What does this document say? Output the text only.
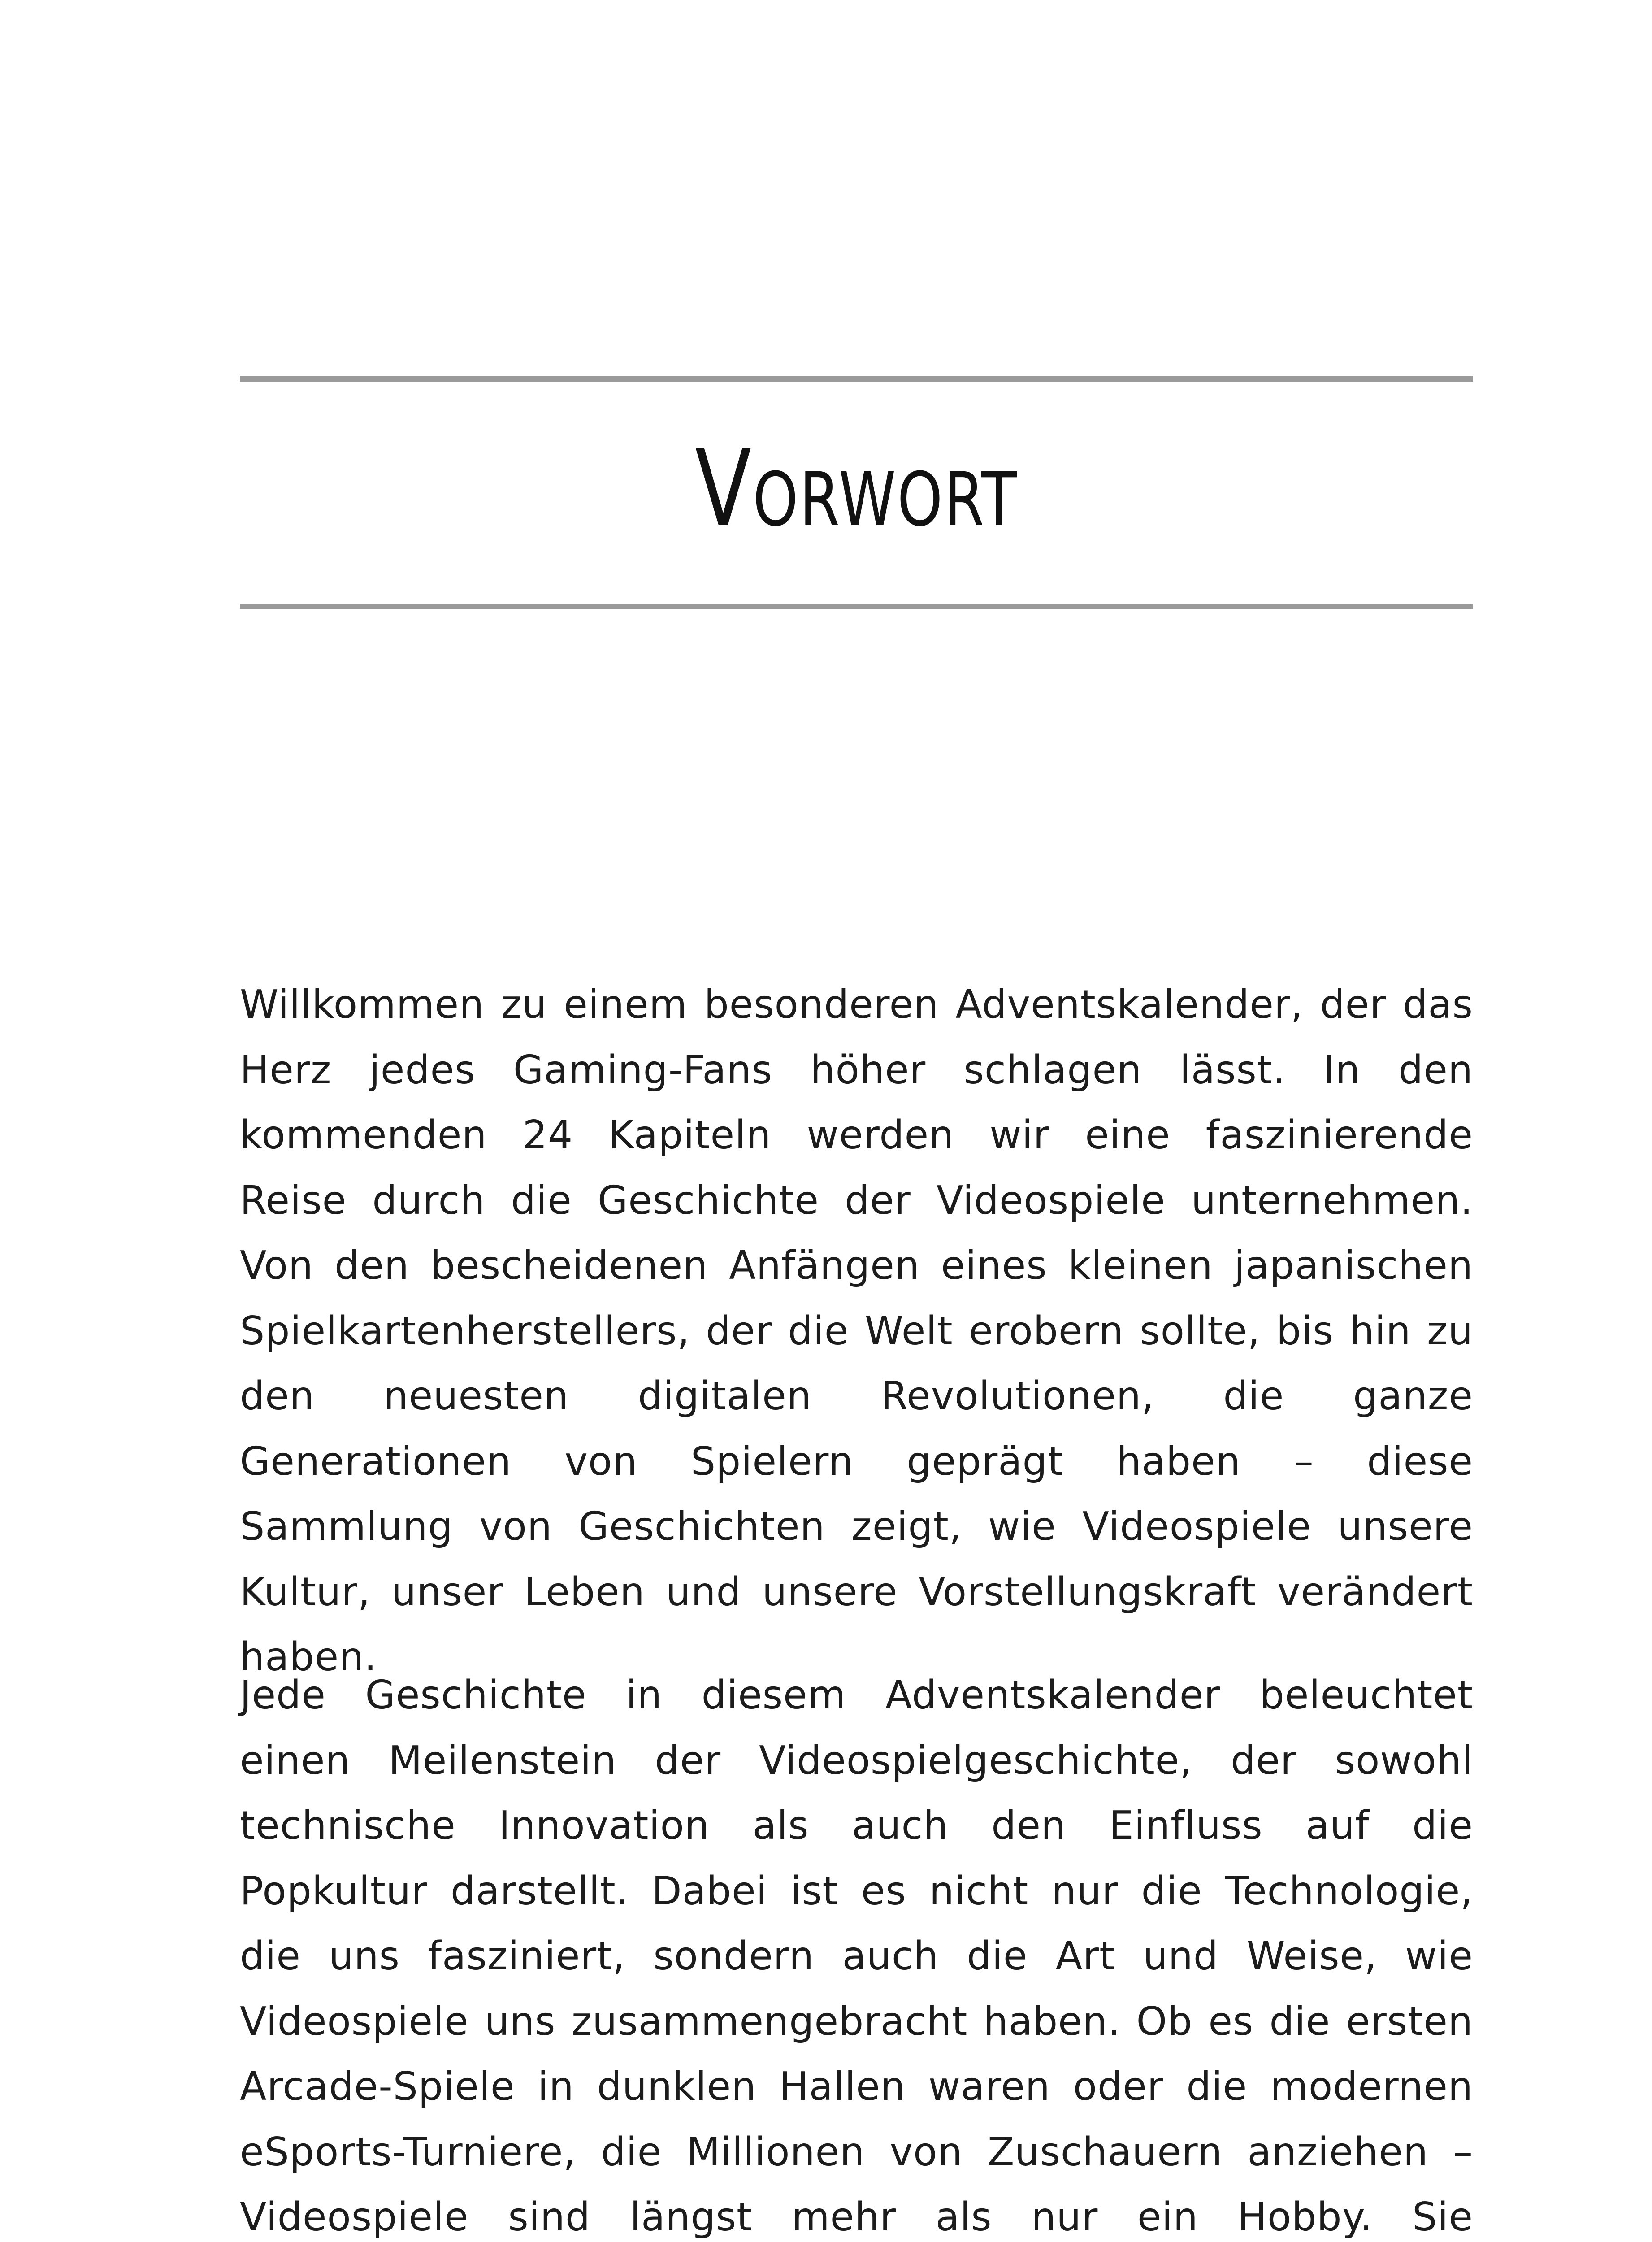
Vorwort

Willkommen zu einem besonderen Adventskalender, der das Herz jedes Gaming-Fans höher schlagen lässt. In den kommenden 24 Kapiteln werden wir eine faszinierende Reise durch die Geschichte der Videospiele unternehmen. Von den bescheidenen Anfängen eines kleinen japanischen Spielkartenherstellers, der die Welt erobern sollte, bis hin zu den neuesten digitalen Revolutionen, die ganze Generationen von Spielern geprägt haben – diese Sammlung von Geschichten zeigt, wie Videospiele unsere Kultur, unser Leben und unsere Vorstellungskraft verändert haben.

Jede Geschichte in diesem Adventskalender beleuchtet einen Meilenstein der Videospielgeschichte, der sowohl technische Innovation als auch den Einfluss auf die Popkultur darstellt. Dabei ist es nicht nur die Technologie, die uns fasziniert, sondern auch die Art und Weise, wie Videospiele uns zusammengebracht haben. Ob es die ersten Arcade-Spiele in dunklen Hallen waren oder die modernen eSports-Turniere, die Millionen von Zuschauern anziehen – Videospiele sind längst mehr als nur ein Hobby. Sie
